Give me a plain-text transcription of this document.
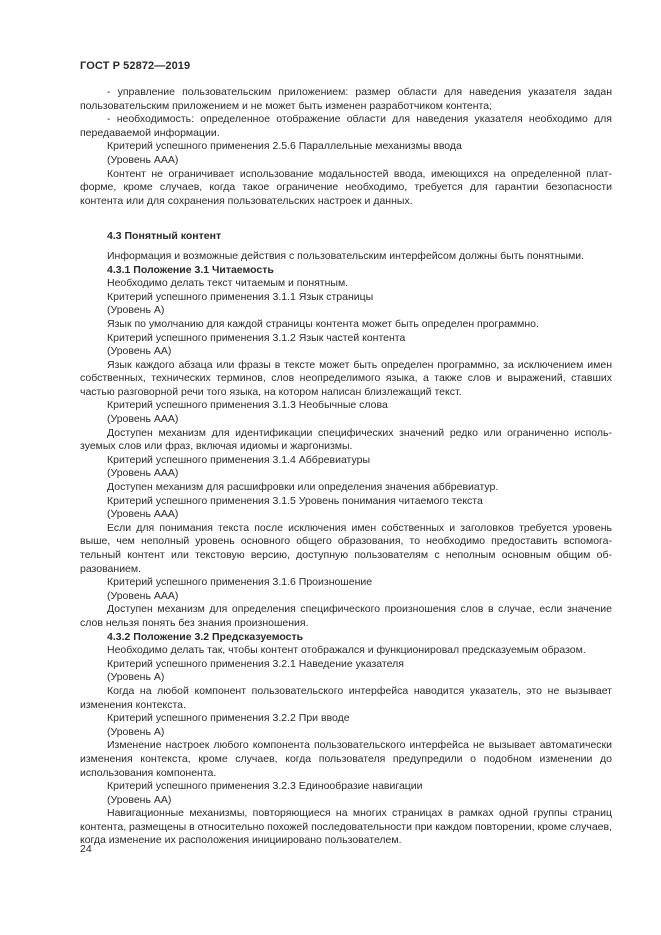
ГОСТ Р 52872—2019

- управление пользовательским приложением: размер области для наведения указателя задан пользовательским приложением и не может быть изменен разработчиком контента;

- необходимость: определенное отображение области для наведения указателя необходимо для передаваемой информации.

Критерий успешного применения 2.5.6 Параллельные механизмы ввода

(Уровень ААА)

Контент не ограничивает использование модальностей ввода, имеющихся на определенной платформе, кроме случаев, когда такое ограничение необходимо, требуется для гарантии безопасности контента или для сохранения пользовательских настроек и данных.

4.3 Понятный контент

Информация и возможные действия с пользовательским интерфейсом должны быть понятными.

4.3.1 Положение 3.1 Читаемость

Необходимо делать текст читаемым и понятным.

Критерий успешного применения 3.1.1 Язык страницы

(Уровень А)

Язык по умолчанию для каждой страницы контента может быть определен программно.

Критерий успешного применения 3.1.2 Язык частей контента

(Уровень АА)

Язык каждого абзаца или фразы в тексте может быть определен программно, за исключением имен собственных, технических терминов, слов неопределимого языка, а также слов и выражений, ставших частью разговорной речи того языка, на котором написан близлежащий текст.

Критерий успешного применения 3.1.3 Необычные слова

(Уровень ААА)

Доступен механизм для идентификации специфических значений редко или ограниченно используемых слов или фраз, включая идиомы и жаргонизмы.

Критерий успешного применения 3.1.4 Аббревиатуры

(Уровень ААА)

Доступен механизм для расшифровки или определения значения аббревиатур.

Критерий успешного применения 3.1.5 Уровень понимания читаемого текста

(Уровень ААА)

Если для понимания текста после исключения имен собственных и заголовков требуется уровень выше, чем неполный уровень основного общего образования, то необходимо предоставить вспомогательный контент или текстовую версию, доступную пользователям с неполным основным общим образованием.

Критерий успешного применения 3.1.6 Произношение

(Уровень ААА)

Доступен механизм для определения специфического произношения слов в случае, если значение слов нельзя понять без знания произношения.

4.3.2 Положение 3.2 Предсказуемость

Необходимо делать так, чтобы контент отображался и функционировал предсказуемым образом.

Критерий успешного применения 3.2.1 Наведение указателя

(Уровень А)

Когда на любой компонент пользовательского интерфейса наводится указатель, это не вызывает изменения контекста.

Критерий успешного применения 3.2.2 При вводе

(Уровень А)

Изменение настроек любого компонента пользовательского интерфейса не вызывает автоматически изменения контекста, кроме случаев, когда пользователя предупредили о подобном изменении до использования компонента.

Критерий успешного применения 3.2.3 Единообразие навигации

(Уровень АА)

Навигационные механизмы, повторяющиеся на многих страницах в рамках одной группы страниц контента, размещены в относительно похожей последовательности при каждом повторении, кроме случаев, когда изменение их расположения инициировано пользователем.

24
